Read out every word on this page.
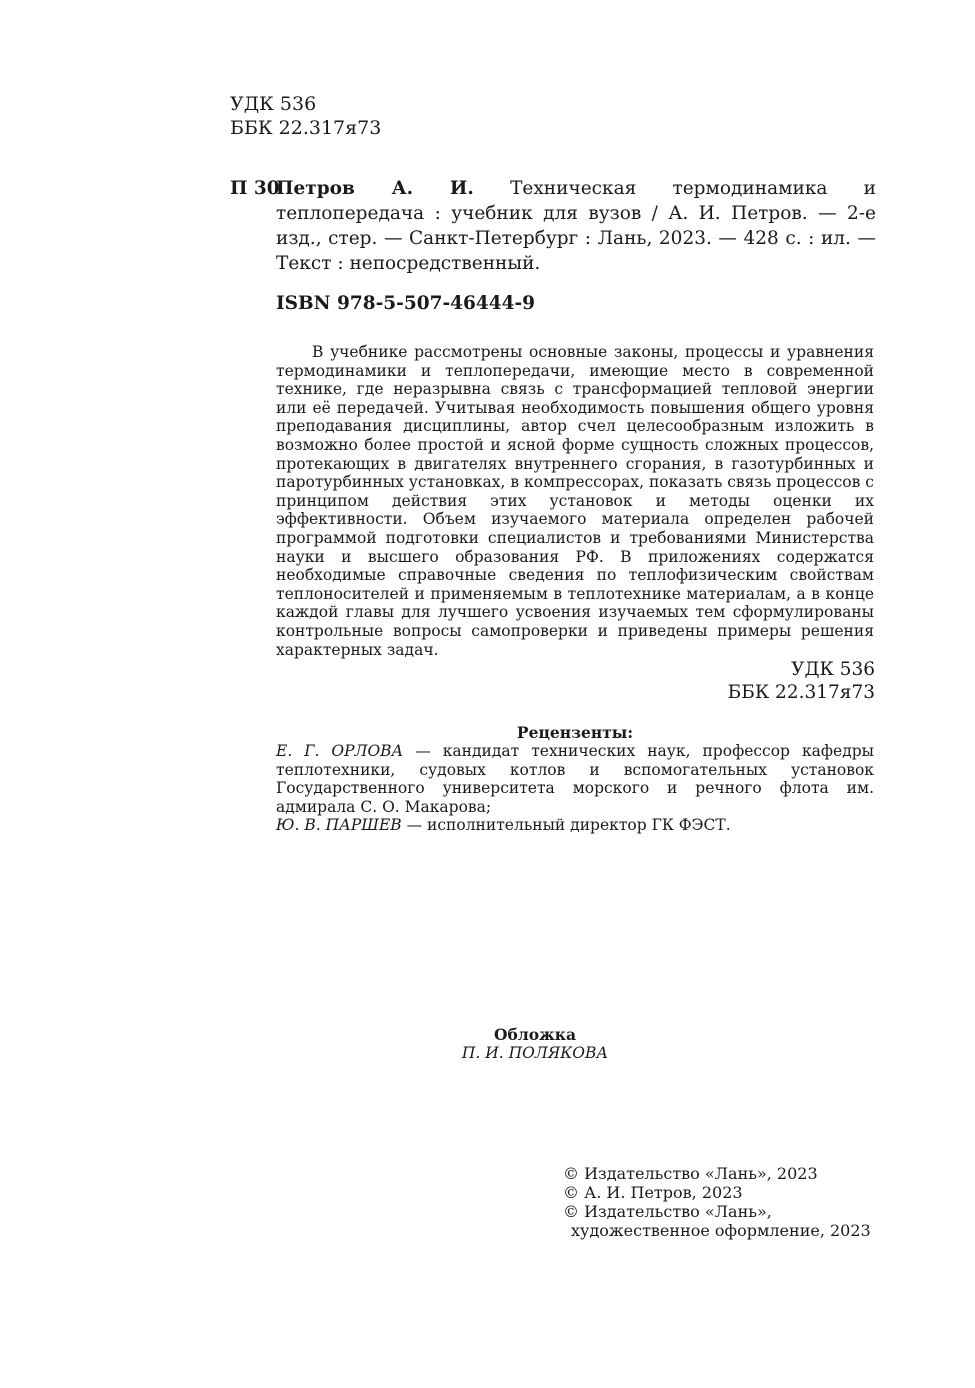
УДК 536
ББК 22.317я73
П 30
Петров А. И. Техническая термодинамика и теплопередача : учебник для вузов / А. И. Петров. — 2-е изд., стер. — Санкт-Петербург : Лань, 2023. — 428 с. : ил. — Текст : непосредственный.
ISBN 978-5-507-46444-9

В учебнике рассмотрены основные законы, процессы и уравнения термодинамики и теплопередачи, имеющие место в современной технике, где неразрывна связь с трансформацией тепловой энергии или её передачей. Учитывая необходимость повышения общего уровня преподавания дисциплины, автор счел целесообразным изложить в возможно более простой и ясной форме сущность сложных процессов, протекающих в двигателях внутреннего сгорания, в газотурбинных и паротурбинных установках, в компрессорах, показать связь процессов с принципом действия этих установок и методы оценки их эффективности. Объем изучаемого материала определен рабочей программой подготовки специалистов и требованиями Министерства науки и высшего образования РФ. В приложениях содержатся необходимые справочные сведения по теплофизическим свойствам теплоносителей и применяемым в теплотехнике материалам, а в конце каждой главы для лучшего усвоения изучаемых тем сформулированы контрольные вопросы самопроверки и приведены примеры решения характерных задач.

УДК 536
ББК 22.317я73
Рецензенты:
Е. Г. ОРЛОВА — кандидат технических наук, профессор кафедры теплотехники, судовых котлов и вспомогательных установок Государственного университета морского и речного флота им. адмирала С. О. Макарова;
Ю. В. ПАРШЕВ — исполнительный директор ГК ФЭСТ.
Обложка
П. И. ПОЛЯКОВА
© Издательство «Лань», 2023
© А. И. Петров, 2023
© Издательство «Лань»,
художественное оформление, 2023
